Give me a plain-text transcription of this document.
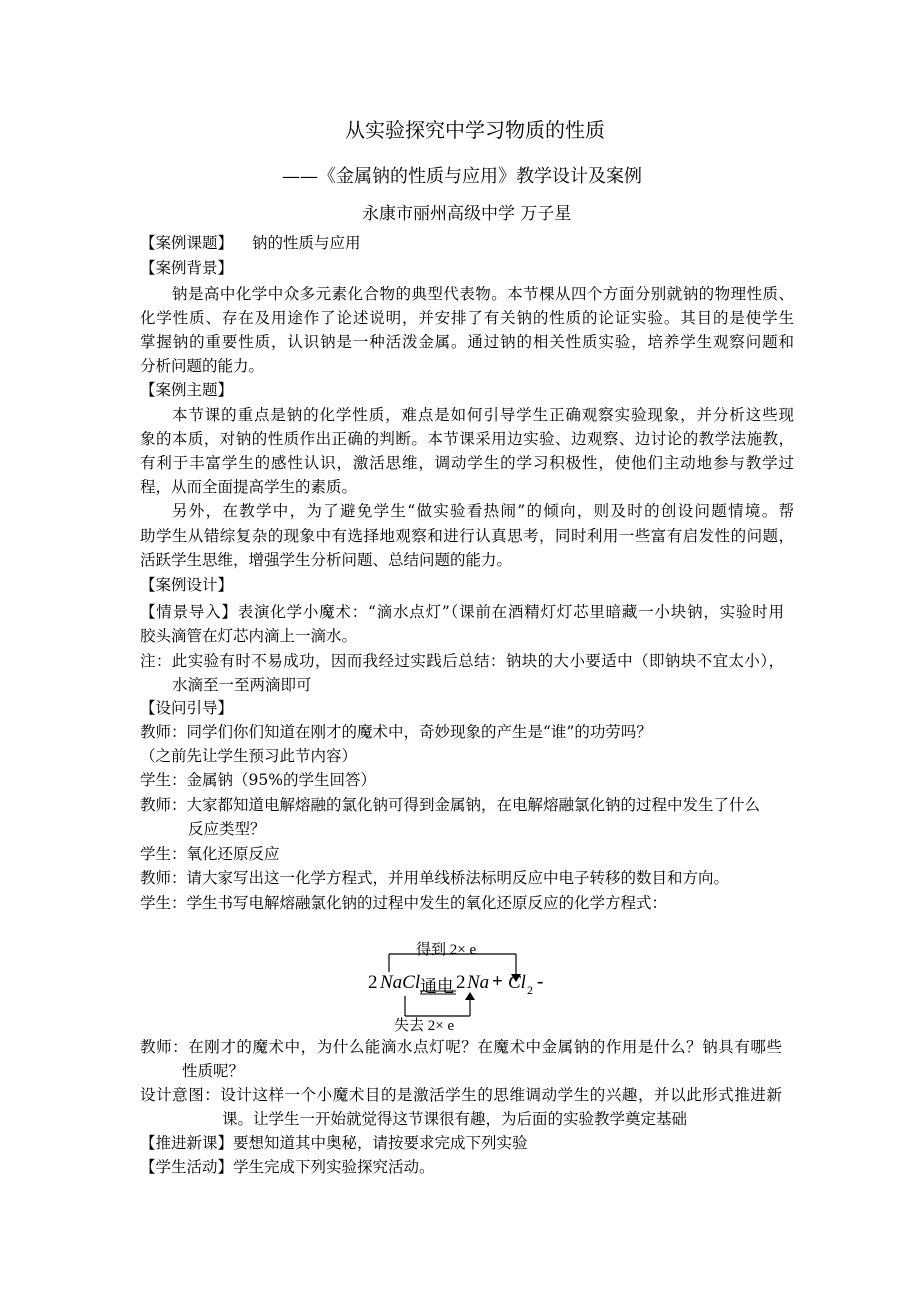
从实验探究中学习物质的性质
——《金属钠的性质与应用》教学设计及案例
永康市丽州高级中学 万子星
【案例课题】 钠的性质与应用
【案例背景】
钠是高中化学中众多元素化合物的典型代表物。本节棵从四个方面分别就钠的物理性质、
化学性质、存在及用途作了论述说明，并安排了有关钠的性质的论证实验。其目的是使学生
掌握钠的重要性质，认识钠是一种活泼金属。通过钠的相关性质实验，培养学生观察问题和
分析问题的能力。
【案例主题】
本节课的重点是钠的化学性质，难点是如何引导学生正确观察实验现象，并分析这些现
象的本质，对钠的性质作出正确的判断。本节课采用边实验、边观察、边讨论的教学法施教，
有利于丰富学生的感性认识，激活思维，调动学生的学习积极性，使他们主动地参与教学过
程，从而全面提高学生的素质。
另外，在教学中，为了避免学生“做实验看热闹”的倾向，则及时的创设问题情境。帮
助学生从错综复杂的现象中有选择地观察和进行认真思考，同时利用一些富有启发性的问题，
活跃学生思维，增强学生分析问题、总结问题的能力。
【案例设计】
【情景导入】表演化学小魔术：“滴水点灯”（课前在酒精灯灯芯里暗藏一小块钠，实验时用
胶头滴管在灯芯内滴上一滴水。
注：此实验有时不易成功，因而我经过实践后总结：钠块的大小要适中（即钠块不宜太小），
水滴至一至两滴即可
【设问引导】
教师：同学们你们知道在刚才的魔术中，奇妙现象的产生是“谁”的功劳吗？
（之前先让学生预习此节内容）
学生：金属钠（95%的学生回答）
教师：大家都知道电解熔融的氯化钠可得到金属钠，在电解熔融氯化钠的过程中发生了什么
反应类型？
学生：氧化还原反应
教师：请大家写出这一化学方程式，并用单线桥法标明反应中电子转移的数目和方向。
学生：学生书写电解熔融氯化钠的过程中发生的氧化还原反应的化学方程式：
得到 2× e
2 NaCl 通电 2 Na + Cl 2 -
失去 2× e
教师：在刚才的魔术中，为什么能滴水点灯呢？在魔术中金属钠的作用是什么？钠具有哪些
性质呢？
设计意图：设计这样一个小魔术目的是激活学生的思维调动学生的兴趣，并以此形式推进新
课。让学生一开始就觉得这节课很有趣，为后面的实验教学奠定基础
【推进新课】要想知道其中奥秘，请按要求完成下列实验
【学生活动】学生完成下列实验探究活动。
